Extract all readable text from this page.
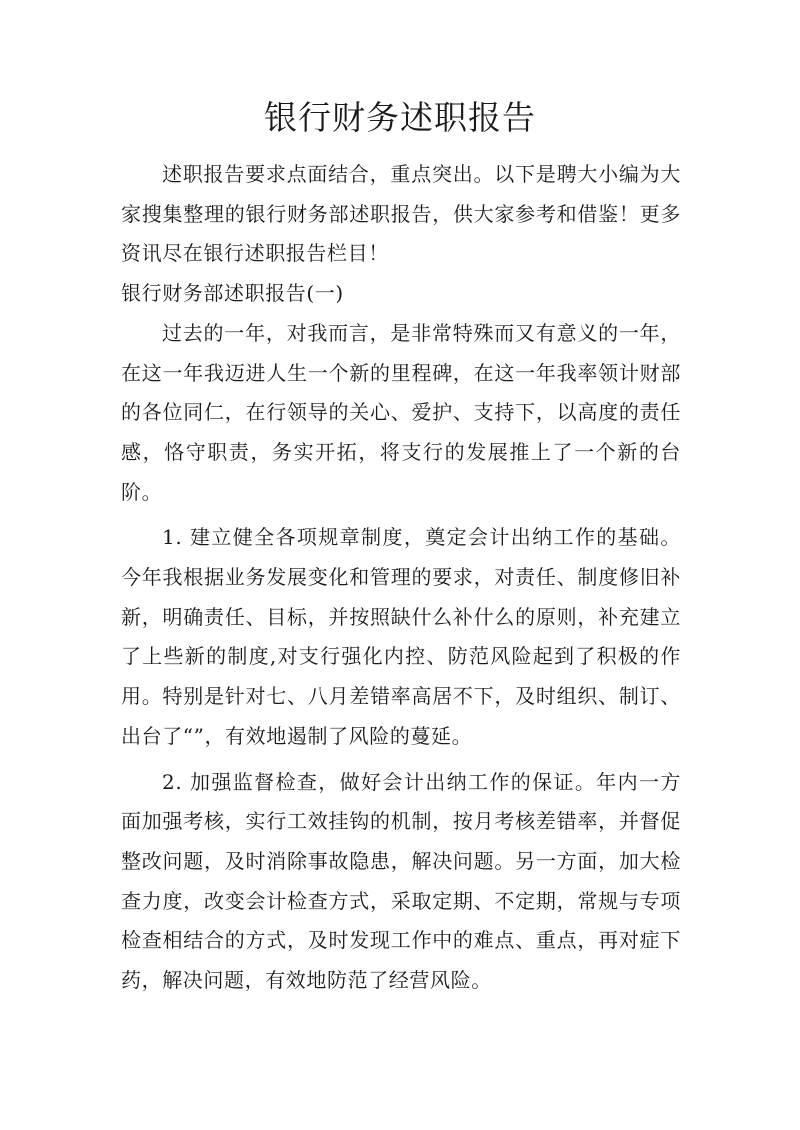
银行财务述职报告

述职报告要求点面结合，重点突出。以下是聘大小编为大家搜集整理的银行财务部述职报告，供大家参考和借鉴！更多资讯尽在银行述职报告栏目！

银行财务部述职报告(一)

过去的一年，对我而言，是非常特殊而又有意义的一年，在这一年我迈进人生一个新的里程碑，在这一年我率领计财部的各位同仁，在行领导的关心、爱护、支持下，以高度的责任感，恪守职责，务实开拓，将支行的发展推上了一个新的台阶。

1. 建立健全各项规章制度，奠定会计出纳工作的基础。今年我根据业务发展变化和管理的要求，对责任、制度修旧补新，明确责任、目标，并按照缺什么补什么的原则，补充建立了上些新的制度,对支行强化内控、防范风险起到了积极的作用。特别是针对七、八月差错率高居不下，及时组织、制订、出台了“”，有效地遏制了风险的蔓延。

2. 加强监督检查，做好会计出纳工作的保证。年内一方面加强考核，实行工效挂钩的机制，按月考核差错率，并督促整改问题，及时消除事故隐患，解决问题。另一方面，加大检查力度，改变会计检查方式，采取定期、不定期，常规与专项检查相结合的方式，及时发现工作中的难点、重点，再对症下药，解决问题，有效地防范了经营风险。
